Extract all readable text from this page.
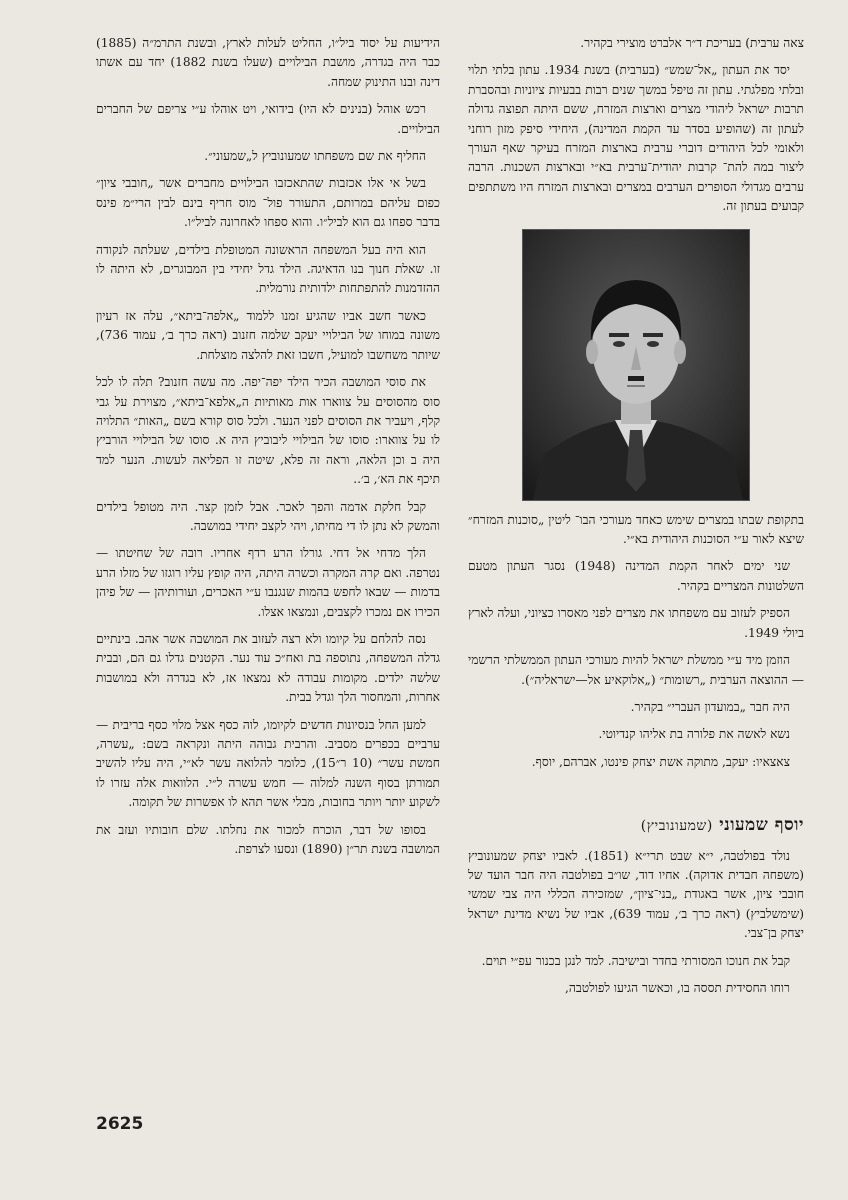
צאה ערבית) בעריכת ד״ר אלברט מוצירי בקהיר.

יסד את העתון „אל־שמש״ (בערבית) בשנת 1934. עתון בלתי תלוי ובלתי מפלגתי. עתון זה טיפל במשך שנים רבות בבעיות ציוניות ובהסברת תרבות ישראל ליהודי מצרים וארצות המזרח, ששם היתה תפוצה גדולה לעתון זה (שהופיע בסדר עד הקמת המדינה), היחידי סיפק מזון רוחני ולאומי לכל היהודים דוברי ערבית בארצות המזרח בעיקר שאף העורך ליצור במה להת־ קרבות יהודית־ערבית בא״י ובארצות השכנות. הרבה ערבים מגדולי הסופרים הערבים במצרים ובארצות המזרח היו משתתפים קבועים בעתון זה.

בתקופת שבתו במצרים שימש כאחד מעורכי הבו־ ליטין „סוכנות המזרח״ שיצא לאור ע״י הסוכנות היהודית בא״י.

שני ימים לאחר הקמת המדינה (1948) נסגר העתון מטעם השלטונות המצריים בקהיר.

הספיק לעזוב עם משפחתו את מצרים לפני מאסרו כציוני, ועלה לארץ ביולי 1949.

הוזמן מיד ע״י ממשלת ישראל להיות מעורכי העתון הממשלתי הרשמי — ההוצאה הערבית „רשומות״ („אלוקאיע אל—ישראליה״).

היה חבר „במועדון העברי״ בקהיר.

נשא לאשה את פלורה בת אליהו קנדיוטי.

צאצאיו: יעקב, מתוקה אשת יצחק פינטו, אברהם, יוסף.

יוסף שמעוני (שמעונוביץ)

נולד בפולטבה, י״א שבט תרי״א (1851). לאביו יצחק שמעונוביץ (משפחה חבדית אדוקה). אחיו דוד, שו״ב בפולטבה היה חבר הועד של חובבי ציון, אשר באגודת „בני־ציון״, שמזכירה הכללי היה צבי שמשי (שימשלביץ) (ראה כרך ב׳, עמוד 639), אביו של נשיא מדינת ישראל יצחק בן־צבי.

קבל את חנוכו המסורתי בחדר ובישיבה. למד לנגן בכנור עפ״י תוים.

רוחו החסידית תססה בו, וכאשר הגיעו לפולטבה,

הידיעות על יסוד ביל״ו, החליט לעלות לארץ, ובשנת התרמ״ה (1885) כבר היה בגדרה, מושבת הבילויים (שעלו בשנת 1882) יחד עם אשתו דינה ובנו התינוק שמחה.

רכש אוהל (בנינים לא היו) בידואי, ויט אוהלו ע״י צריפם של החברים הבילויים.

החליף את שם משפחתו שמעונוביץ ל„שמעוני״.

בשל אי אלו אכזבות שהתאכזבו הבילויים מחברים אשר „חובבי ציון״ כפום עליהם במרותם, התעורר פול־ מוס חריף בינם לבין הרי״מ פינס בדבר ספחו גם הוא לביל״ו. והוא ספחו לאחרונה לביל״ו.

הוא היה בעל המשפחה הראשונה המטופלת בילדים, שעלתה לנקודה זו. שאלת חנוך בנו הדאיגה. הילד גדל יחידי בין המבוגרים, לא היתה לו ההזדמנות להתפתחות ילדותית נורמלית.

כאשר חשב אביו שהגיע זמנו ללמוד „אלפה־ביתא״, עלה אז רעיון משונה במוחו של הבילויי יעקב שלמה חזנוב (ראה כרך ב׳, עמוד 736), שיותר משחשבו למועיל, חשבו זאת להלצה מוצלחת.

את סוסי המושבה הכיר הילד יפה־יפה. מה עשה חזנוב? תלה לו לכל סוס מהסוסים על צווארו אות מאותיות ה„אלפא־ביתא״, מצוירת על גבי קלף, ויעביר את הסוסים לפני הנער. ולכל סוס קורא בשם „האות״ התלויה לו על צווארו: סוסו של הבילויי ליבוביץ היה א. סוסו של הבילויי הורביץ היה ב וכן הלאה, וראה זה פלא, שיטה זו הפליאה לעשות. הנער למד תיכף את הא׳, ב׳..

קבל חלקת אדמה והפך לאכר. אבל לזמן קצר. היה מטופל בילדים והמשק לא נתן לו די מחיתו, ויהי לקצב יחידי במושבה.

הלך מדחי אל דחי. גורלו הרע רדף אחריו. רובה של שחיטתו — נטרפה. ואם קרה המקרה וכשרה היתה, היה קופץ עליו רוגזו של מזלו הרע בדמות — שבאו לחפש בהמות שנגנבו ע״י האכרים, ועורותיהן — של פיהן הכירו אם נמכרו לקצבים, ונמצאו אצלו.

נסה להלחם על קיומו ולא רצה לעזוב את המושבה אשר אהב. בינתיים גדלה המשפחה, נתוספה בת ואח״כ עוד נער. הקטנים גדלו גם הם, ובבית שלשה ילדים. מקומות עבודה לא נמצאו אז, לא בגדרה ולא במושבות אחרות, והמחסור הלך וגדל בבית.

למען החל בנסיונות חדשים לקיומו, לוה כסף אצל מלוי כסף בריבית — ערביים בכפרים מסביב. והרבית גבוהה היתה ונקראה בשם: „עשרה, חמשת עשר״ (10 ר״15), כלומר להלואה עשר לא״י, היה עליו להשיב תמורתן בסוף השנה למלוה — חמש עשרה ל״י. הלוואות אלה עזרו לו לשקוע יותר ויותר בחובות, מבלי אשר תהא לו אפשרות של תקומה.

בסופו של דבר, הוכרח למכור את נחלתו. שלם חובותיו ועזב את המושבה בשנת תר״ן (1890) ונסעו לצרפת.

2625
